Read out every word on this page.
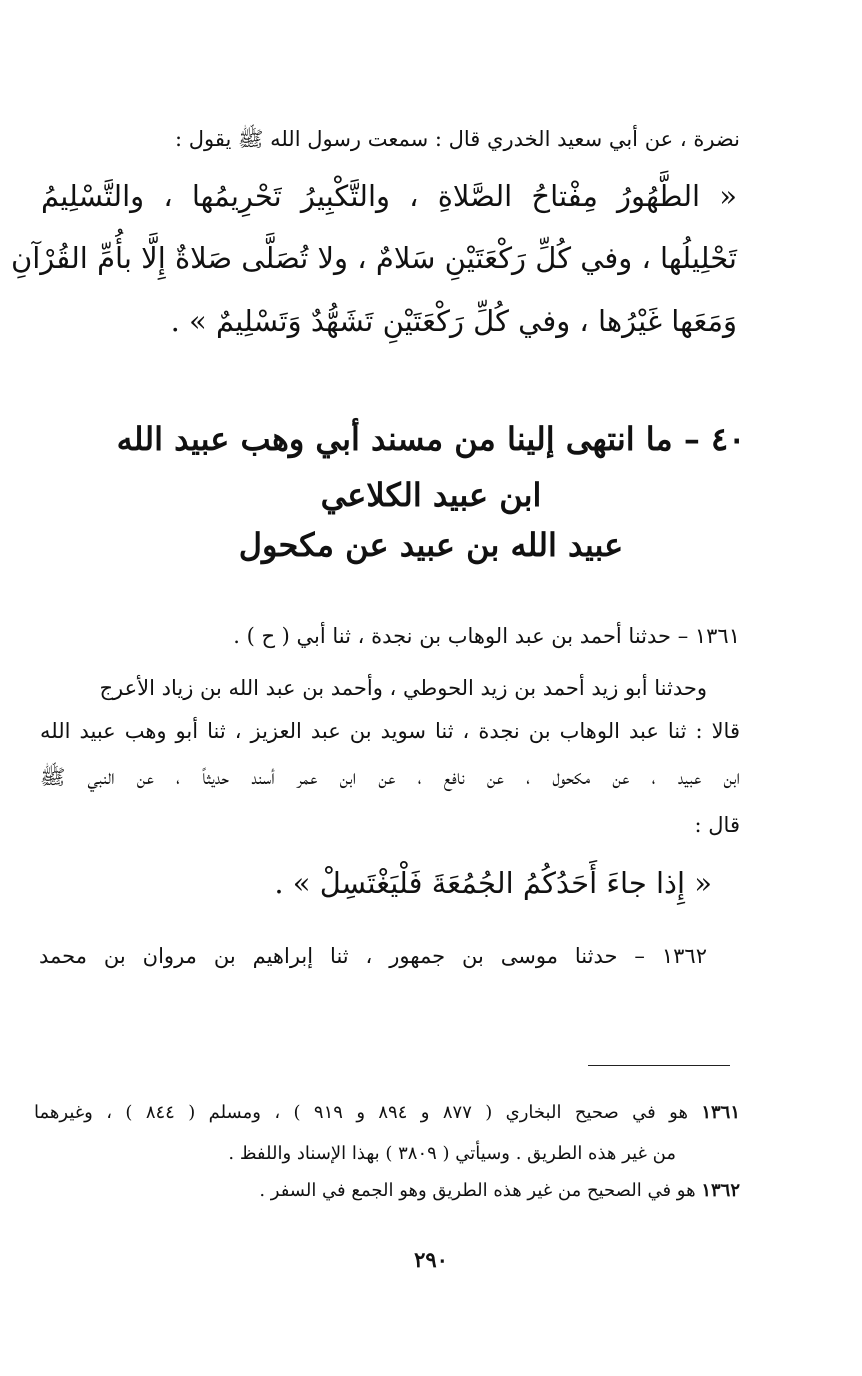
نضرة ، عن أبي سعيد الخدري قال : سمعت رسول الله ﷺ يقول :
« الطَّهُورُ مِفْتاحُ الصَّلاةِ ، والتَّكْبِيرُ تَحْرِيمُها ، والتَّسْلِيمُ
تَحْلِيلُها ، وفي كُلِّ رَكْعَتَيْنِ سَلامٌ ، ولا تُصَلَّى صَلاةٌ إِلَّا بأُمِّ القُرْآنِ
وَمَعَها غَيْرُها ، وفي كُلِّ رَكْعَتَيْنِ تَشَهُّدٌ وَتَسْلِيمٌ » .
٤٠ – ما انتهى إلينا من مسند أبي وهب عبيد الله
ابن عبيد الكلاعي
عبيد الله بن عبيد عن مكحول
١٣٦١ – حدثنا أحمد بن عبد الوهاب بن نجدة ، ثنا أبي ( ح ) .
وحدثنا أبو زيد أحمد بن زيد الحوطي ، وأحمد بن عبد الله بن زياد الأعرج
قالا : ثنا عبد الوهاب بن نجدة ، ثنا سويد بن عبد العزيز ، ثنا أبو وهب عبيد الله
ابن عبيد ، عن مكحول ، عن نافع ، عن ابن عمر أسند حديثاً ، عن النبي ﷺ
قال :
« إِذا جاءَ أَحَدُكُمُ الجُمُعَةَ فَلْيَغْتَسِلْ » .
١٣٦٢ – حدثنا موسى بن جمهور ، ثنا إبراهيم بن مروان بن محمد
١٣٦١ هو في صحيح البخاري ( ٨٧٧ و ٨٩٤ و ٩١٩ ) ، ومسلم ( ٨٤٤ ) ، وغيرهما
من غير هذه الطريق . وسيأتي ( ٣٨٠٩ ) بهذا الإسناد واللفظ .
١٣٦٢ هو في الصحيح من غير هذه الطريق وهو الجمع في السفر .
٢٩٠
